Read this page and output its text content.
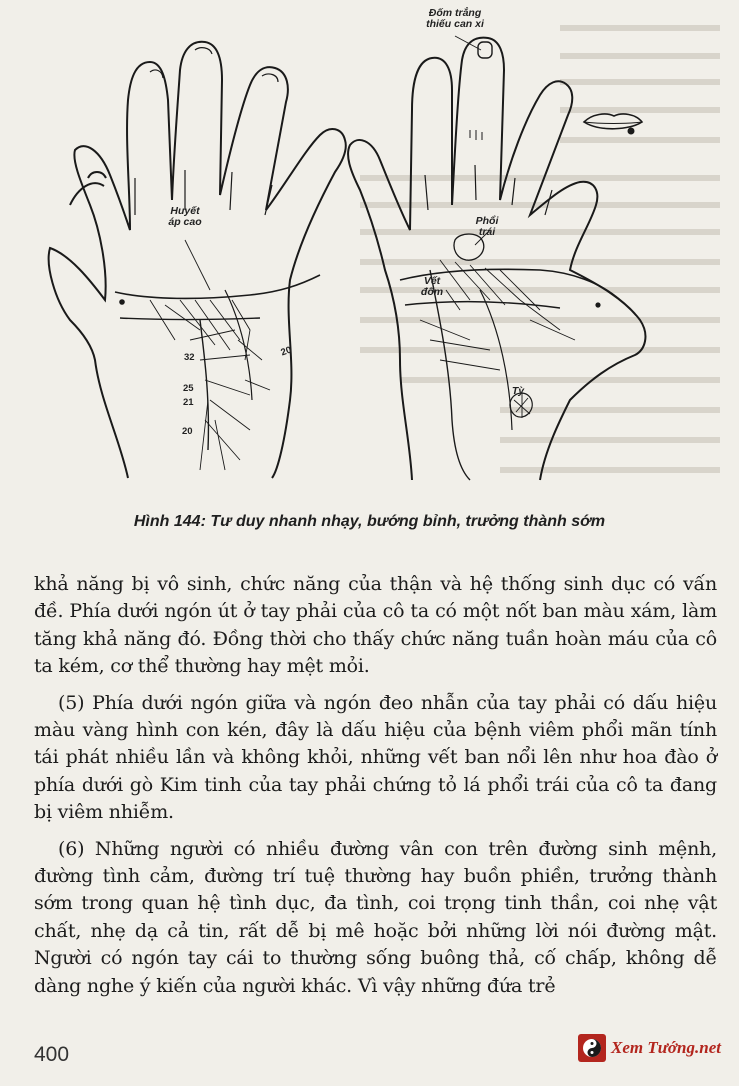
Đốm trắng thiếu can xi
Huyết áp cao	Phổi trái
Vết đốm
Tỳ
32
25
21
20
20
Hình 144: Tư duy nhanh nhạy, bướng bỉnh, trưởng thành sớm

khả năng bị vô sinh, chức năng của thận và hệ thống sinh dục có vấn đề. Phía dưới ngón út ở tay phải của cô ta có một nốt ban màu xám, làm tăng khả năng đó. Đồng thời cho thấy chức năng tuần hoàn máu của cô ta kém, cơ thể thường hay mệt mỏi.

(5) Phía dưới ngón giữa và ngón đeo nhẫn của tay phải có dấu hiệu màu vàng hình con kén, đây là dấu hiệu của bệnh viêm phổi mãn tính tái phát nhiều lần và không khỏi, những vết ban nổi lên như hoa đào ở phía dưới gò Kim tinh của tay phải chứng tỏ lá phổi trái của cô ta đang bị viêm nhiễm.

(6) Những người có nhiều đường vân con trên đường sinh mệnh, đường tình cảm, đường trí tuệ thường hay buồn phiền, trưởng thành sớm trong quan hệ tình dục, đa tình, coi trọng tinh thần, coi nhẹ vật chất, nhẹ dạ cả tin, rất dễ bị mê hoặc bởi những lời nói đường mật. Người có ngón tay cái to thường sống buông thả, cố chấp, không dễ dàng nghe ý kiến của người khác. Vì vậy những đứa trẻ

400	Xem Tướng.net
